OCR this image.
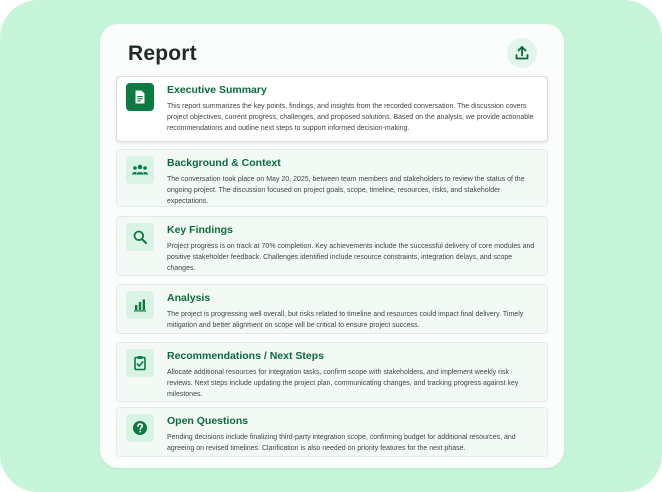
Report
Executive Summary
This report summarizes the key points, findings, and insights from the recorded conversation. The discussion covers project objectives, current progress, challenges, and proposed solutions. Based on the analysis, we provide actionable recommendations and outline next steps to support informed decision-making.
Background & Context
The conversation took place on May 20, 2025, between team members and stakeholders to review the status of the ongoing project. The discussion focused on project goals, scope, timeline, resources, risks, and stakeholder expectations.
Key Findings
Project progress is on track at 70% completion. Key achievements include the successful delivery of core modules and positive stakeholder feedback. Challenges identified include resource constraints, integration delays, and scope changes.
Analysis
The project is progressing well overall, but risks related to timeline and resources could impact final delivery. Timely mitigation and better alignment on scope will be critical to ensure project success.
Recommendations / Next Steps
Allocate additional resources for integration tasks, confirm scope with stakeholders, and implement weekly risk reviews. Next steps include updating the project plan, communicating changes, and tracking progress against key milestones.
Open Questions
Pending decisions include finalizing third-party integration scope, confirming budget for additional resources, and agreeing on revised timelines. Clarification is also needed on priority features for the next phase.
